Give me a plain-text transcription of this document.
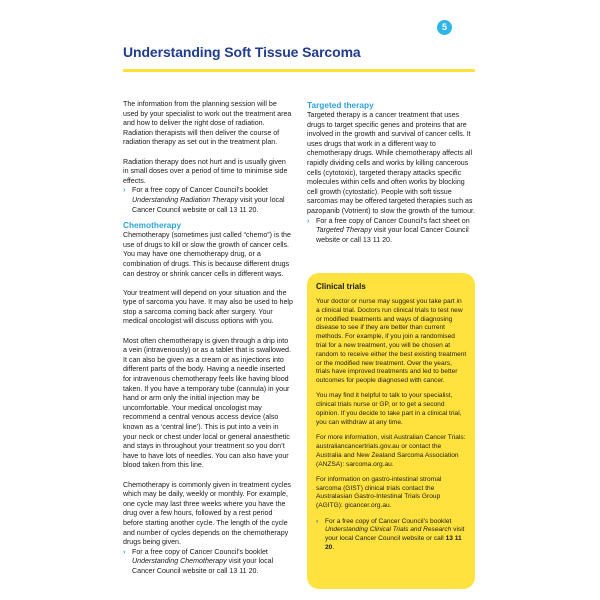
5
Understanding Soft Tissue Sarcoma

The information from the planning session will be used by your specialist to work out the treatment area and how to deliver the right dose of radiation. Radiation therapists will then deliver the course of radiation therapy as set out in the treatment plan.

Radiation therapy does not hurt and is usually given in small doses over a period of time to minimise side effects.

› For a free copy of Cancer Council’s booklet Understanding Radiation Therapy visit your local Cancer Council website or call 13 11 20.

Chemotherapy

Chemotherapy (sometimes just called “chemo”) is the use of drugs to kill or slow the growth of cancer cells. You may have one chemotherapy drug, or a combination of drugs. This is because different drugs can destroy or shrink cancer cells in different ways.

Your treatment will depend on your situation and the type of sarcoma you have. It may also be used to help stop a sarcoma coming back after surgery. Your medical oncologist will discuss options with you.

Most often chemotherapy is given through a drip into a vein (intravenously) or as a tablet that is swallowed. It can also be given as a cream or as injections into different parts of the body. Having a needle inserted for intravenous chemotherapy feels like having blood taken. If you have a temporary tube (cannula) in your hand or arm only the initial injection may be uncomfortable. Your medical oncologist may recommend a central venous access device (also known as a ‘central line’). This is put into a vein in your neck or chest under local or general anaesthetic and stays in throughout your treatment so you don’t have to have lots of needles. You can also have your blood taken from this line.

Chemotherapy is commonly given in treatment cycles which may be daily, weekly or monthly. For example, one cycle may last three weeks where you have the drug over a few hours, followed by a rest period before starting another cycle. The length of the cycle and number of cycles depends on the chemotherapy drugs being given.

› For a free copy of Cancer Council’s booklet Understanding Chemotherapy visit your local Cancer Council website or call 13 11 20.

Targeted therapy

Targeted therapy is a cancer treatment that uses drugs to target specific genes and proteins that are involved in the growth and survival of cancer cells. It uses drugs that work in a different way to chemotherapy drugs. While chemotherapy affects all rapidly dividing cells and works by killing cancerous cells (cytotoxic), targeted therapy attacks specific molecules within cells and often works by blocking cell growth (cytostatic). People with soft tissue sarcomas may be offered targeted therapies such as pazopanib (Votrient) to slow the growth of the tumour.

› For a free copy of Cancer Council’s fact sheet on Targeted Therapy visit your local Cancer Council website or call 13 11 20.

Clinical trials

Your doctor or nurse may suggest you take part in a clinical trial. Doctors run clinical trials to test new or modified treatments and ways of diagnosing disease to see if they are better than current methods. For example, if you join a randomised trial for a new treatment, you will be chosen at random to receive either the best existing treatment or the modified new treatment. Over the years, trials have improved treatments and led to better outcomes for people diagnosed with cancer.

You may find it helpful to talk to your specialist, clinical trials nurse or GP, or to get a second opinion. If you decide to take part in a clinical trial, you can withdraw at any time.

For more information, visit Australian Cancer Trials: australiancancertrials.gov.au or contact the Australia and New Zealand Sarcoma Association (ANZSA): sarcoma.org.au.

For information on gastro-intestinal stromal sarcoma (GIST) clinical trials contact the Australasian Gastro-Intestinal Trials Group (AGITG): gicancer.org.au.

› For a free copy of Cancer Council’s booklet Understanding Clinical Trials and Research visit your local Cancer Council website or call 13 11 20.
